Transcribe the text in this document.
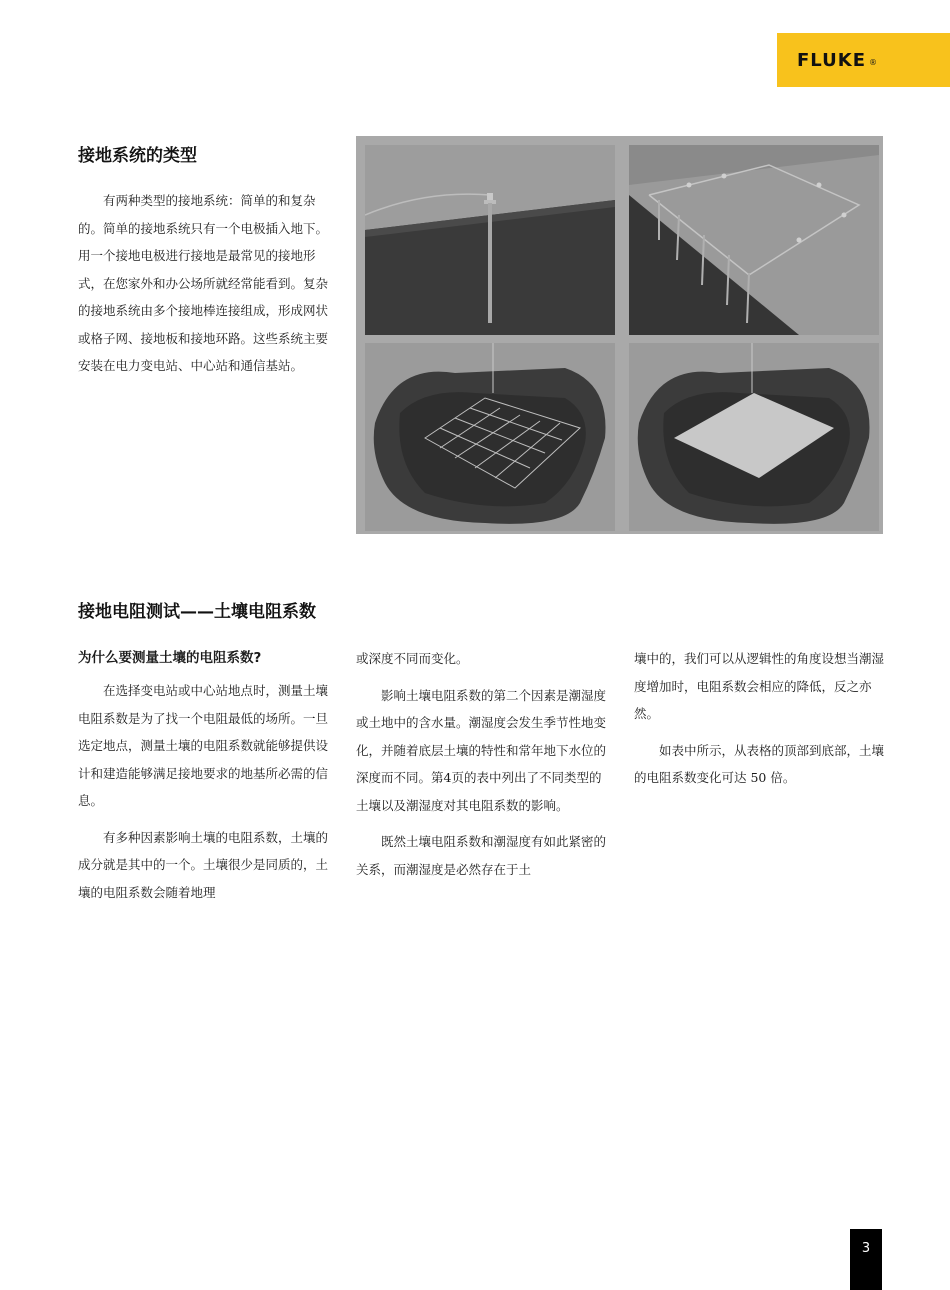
FLUKE ®
接地系统的类型

有两种类型的接地系统：简单的和复杂的。简单的接地系统只有一个电极插入地下。用一个接地电极进行接地是最常见的接地形式，在您家外和办公场所就经常能看到。复杂的接地系统由多个接地棒连接组成，形成网状或格子网、接地板和接地环路。这些系统主要安装在电力变电站、中心站和通信基站。

接地电阻测试——土壤电阻系数

为什么要测量土壤的电阻系数?

在选择变电站或中心站地点时，测量土壤电阻系数是为了找一个电阻最低的场所。一旦选定地点，测量土壤的电阻系数就能够提供设计和建造能够满足接地要求的地基所必需的信息。

有多种因素影响土壤的电阻系数，土壤的成分就是其中的一个。土壤很少是同质的，土壤的电阻系数会随着地理

或深度不同而变化。

影响土壤电阻系数的第二个因素是潮湿度或土地中的含水量。潮湿度会发生季节性地变化，并随着底层土壤的特性和常年地下水位的深度而不同。第4页的表中列出了不同类型的土壤以及潮湿度对其电阻系数的影响。

既然土壤电阻系数和潮湿度有如此紧密的关系，而潮湿度是必然存在于土

壤中的，我们可以从逻辑性的角度设想当潮湿度增加时，电阻系数会相应的降低，反之亦然。

如表中所示，从表格的顶部到底部，土壤的电阻系数变化可达 50 倍。

3
